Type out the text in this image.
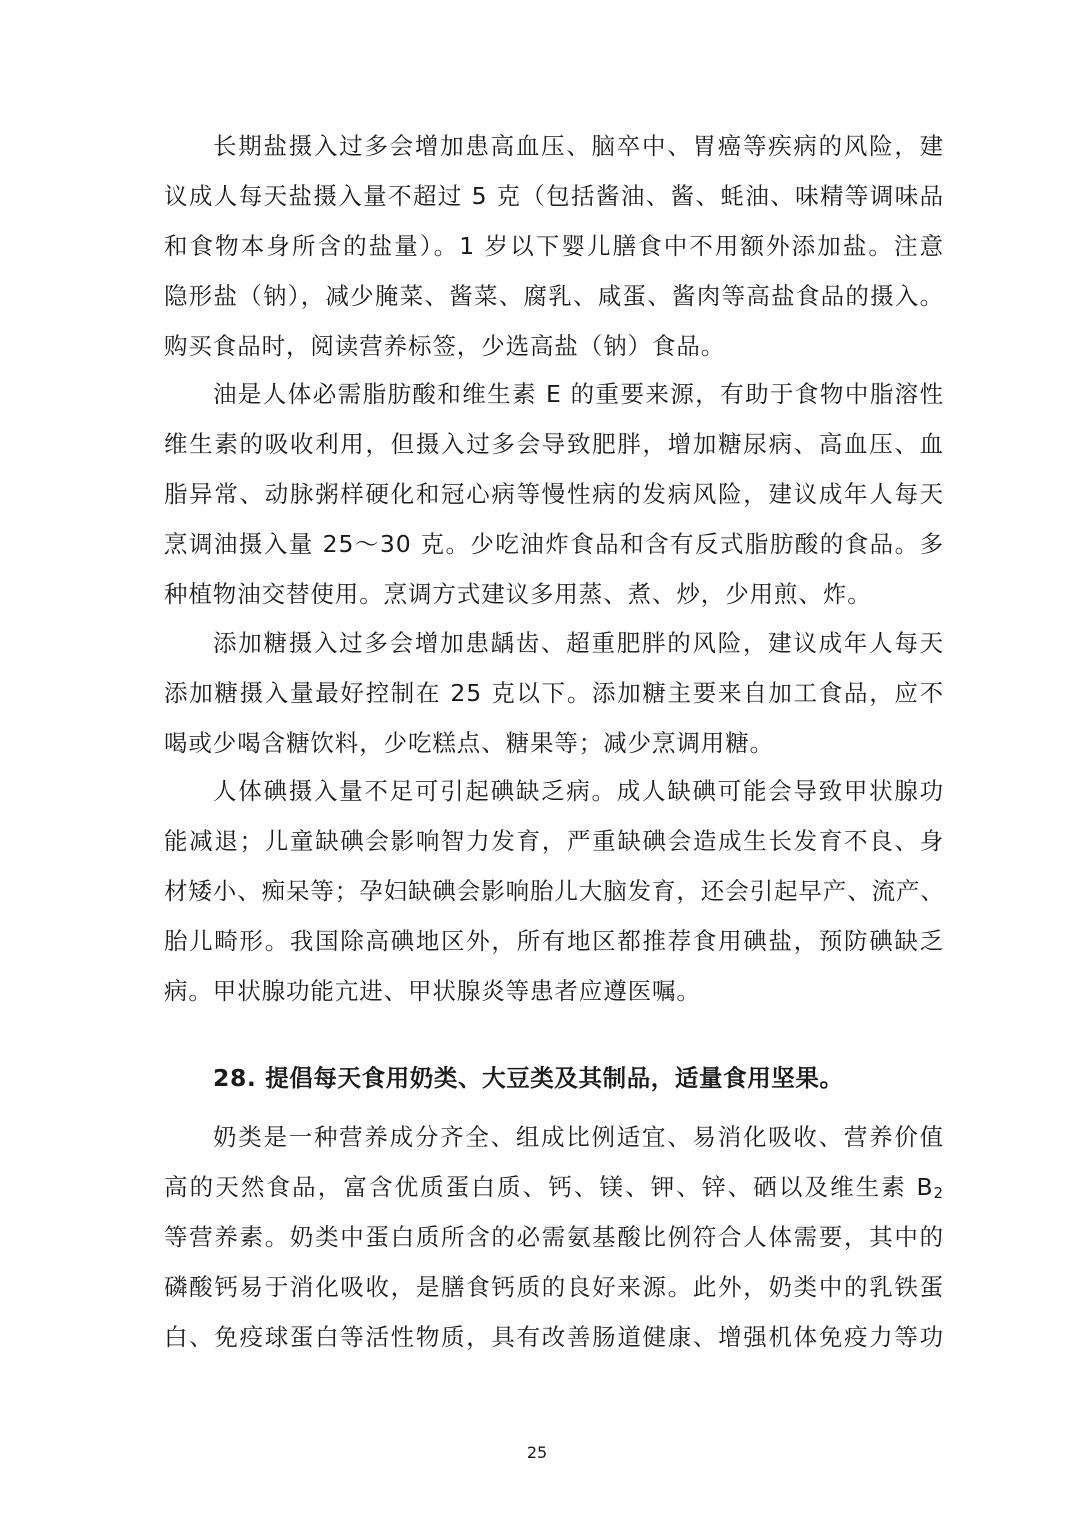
长期盐摄入过多会增加患高血压、脑卒中、胃癌等疾病的风险，建

议成人每天盐摄入量不超过 5 克（包括酱油、酱、蚝油、味精等调味品

和食物本身所含的盐量）。1 岁以下婴儿膳食中不用额外添加盐。注意

隐形盐（钠），减少腌菜、酱菜、腐乳、咸蛋、酱肉等高盐食品的摄入。

购买食品时，阅读营养标签，少选高盐（钠）食品。

油是人体必需脂肪酸和维生素 E 的重要来源，有助于食物中脂溶性

维生素的吸收利用，但摄入过多会导致肥胖，增加糖尿病、高血压、血

脂异常、动脉粥样硬化和冠心病等慢性病的发病风险，建议成年人每天

烹调油摄入量 25～30 克。少吃油炸食品和含有反式脂肪酸的食品。多

种植物油交替使用。烹调方式建议多用蒸、煮、炒，少用煎、炸。

添加糖摄入过多会增加患龋齿、超重肥胖的风险，建议成年人每天

添加糖摄入量最好控制在 25 克以下。添加糖主要来自加工食品，应不

喝或少喝含糖饮料，少吃糕点、糖果等；减少烹调用糖。

人体碘摄入量不足可引起碘缺乏病。成人缺碘可能会导致甲状腺功

能减退；儿童缺碘会影响智力发育，严重缺碘会造成生长发育不良、身

材矮小、痴呆等；孕妇缺碘会影响胎儿大脑发育，还会引起早产、流产、

胎儿畸形。我国除高碘地区外，所有地区都推荐食用碘盐，预防碘缺乏

病。甲状腺功能亢进、甲状腺炎等患者应遵医嘱。

28. 提倡每天食用奶类、大豆类及其制品，适量食用坚果。

奶类是一种营养成分齐全、组成比例适宜、易消化吸收、营养价值

高的天然食品，富含优质蛋白质、钙、镁、钾、锌、硒以及维生素 $B_2$

等营养素。奶类中蛋白质所含的必需氨基酸比例符合人体需要，其中的

磷酸钙易于消化吸收，是膳食钙质的良好来源。此外，奶类中的乳铁蛋

白、免疫球蛋白等活性物质，具有改善肠道健康、增强机体免疫力等功

25
